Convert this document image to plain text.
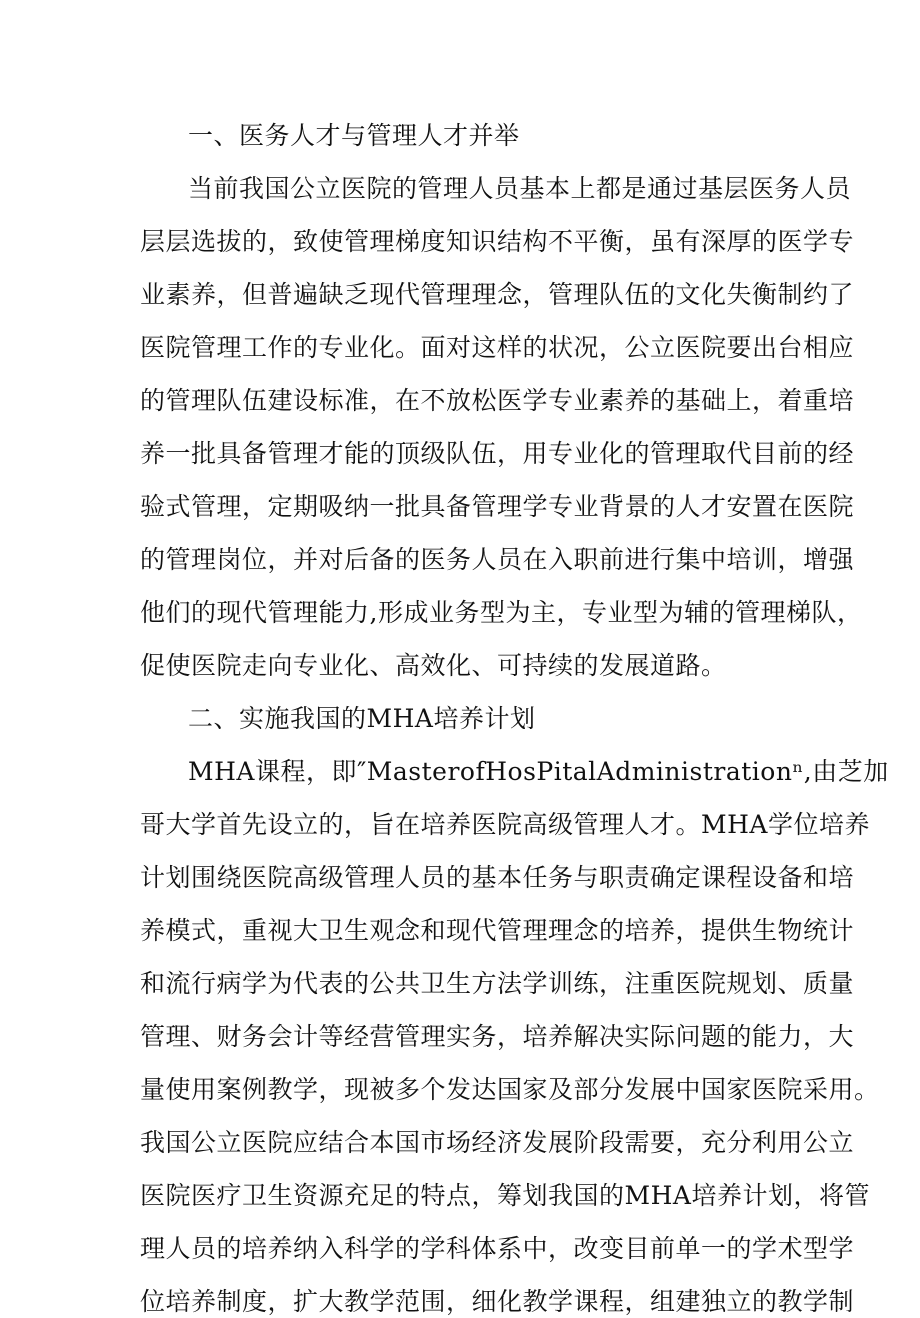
一、医务人才与管理人才并举
当前我国公立医院的管理人员基本上都是通过基层医务人员
层层选拔的，致使管理梯度知识结构不平衡，虽有深厚的医学专
业素养，但普遍缺乏现代管理理念，管理队伍的文化失衡制约了
医院管理工作的专业化。面对这样的状况，公立医院要出台相应
的管理队伍建设标准，在不放松医学专业素养的基础上，着重培
养一批具备管理才能的顶级队伍，用专业化的管理取代目前的经
验式管理，定期吸纳一批具备管理学专业背景的人才安置在医院
的管理岗位，并对后备的医务人员在入职前进行集中培训，增强
他们的现代管理能力,形成业务型为主，专业型为辅的管理梯队，
促使医院走向专业化、高效化、可持续的发展道路。
二、实施我国的MHA培养计划
MHA课程，即″MasterofHosPitalAdministrationⁿ,由芝加
哥大学首先设立的，旨在培养医院高级管理人才。MHA学位培养
计划围绕医院高级管理人员的基本任务与职责确定课程设备和培
养模式，重视大卫生观念和现代管理理念的培养，提供生物统计
和流行病学为代表的公共卫生方法学训练，注重医院规划、质量
管理、财务会计等经营管理实务，培养解决实际问题的能力，大
量使用案例教学，现被多个发达国家及部分发展中国家医院采用。
我国公立医院应结合本国市场经济发展阶段需要，充分利用公立
医院医疗卫生资源充足的特点，筹划我国的MHA培养计划，将管
理人员的培养纳入科学的学科体系中，改变目前单一的学术型学
位培养制度，扩大教学范围，细化教学课程，组建独立的教学制
